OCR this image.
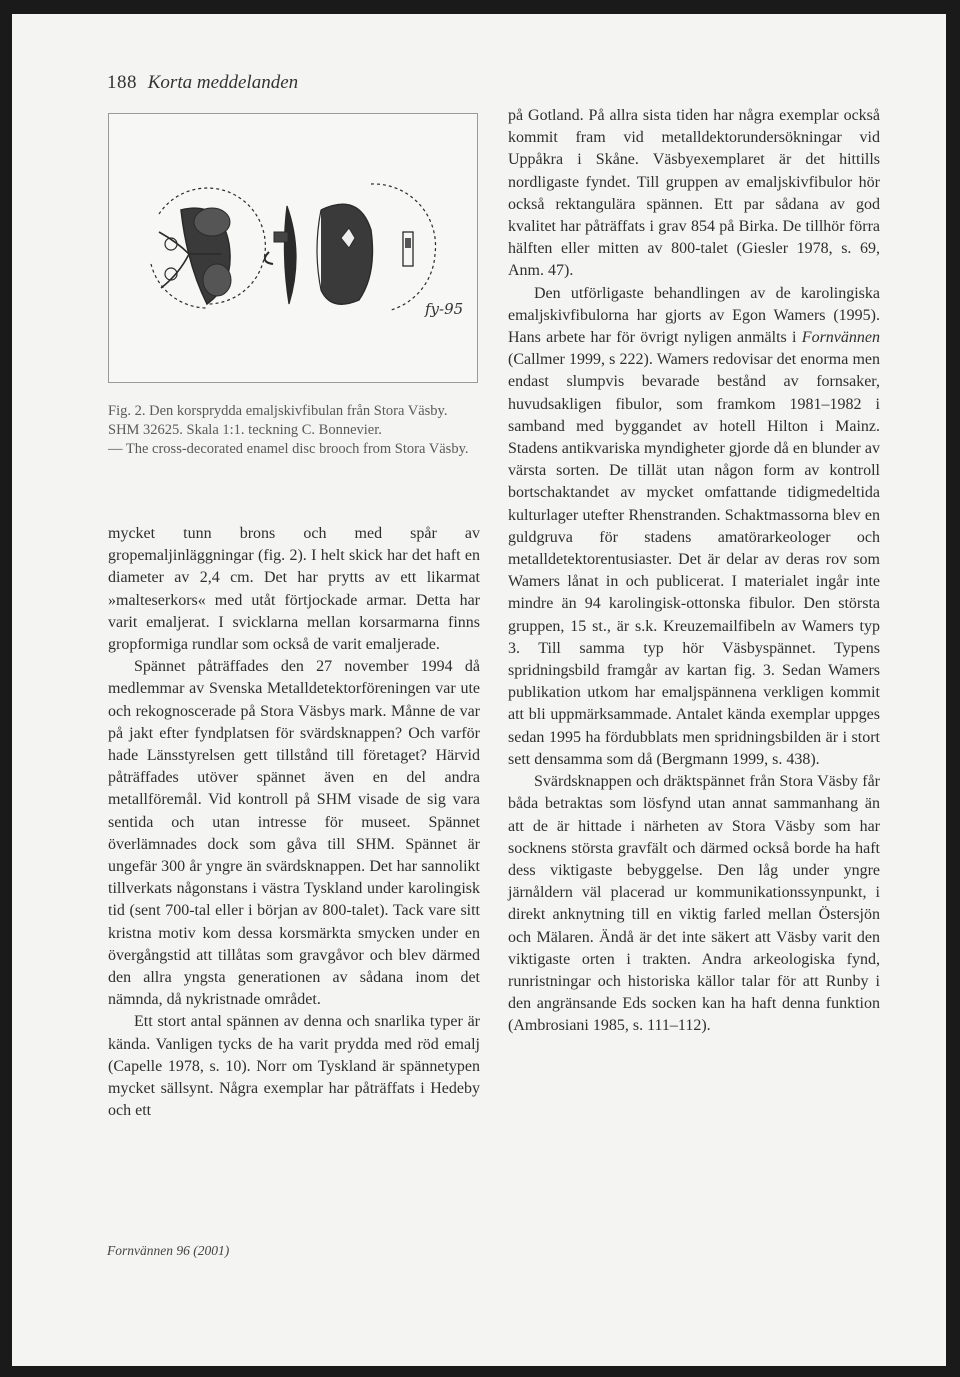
188 Korta meddelanden
fy-95

Fig. 2. Den korsprydda emaljskivfibulan från Stora Väsby. SHM 32625. Skala 1:1. teckning C. Bonnevier.

— The cross-decorated enamel disc brooch from Stora Väsby.

mycket tunn brons och med spår av gropemaljinläggningar (fig. 2). I helt skick har det haft en diameter av 2,4 cm. Det har prytts av ett likarmat »malteserkors« med utåt förtjockade armar. Detta har varit emaljerat. I svicklarna mellan korsarmarna finns gropformiga rundlar som också de varit emaljerade.

Spännet påträffades den 27 november 1994 då medlemmar av Svenska Metalldetektorföreningen var ute och rekognoscerade på Stora Väsbys mark. Månne de var på jakt efter fyndplatsen för svärdsknappen? Och varför hade Länsstyrelsen gett tillstånd till företaget? Härvid påträffades utöver spännet även en del andra metallföremål. Vid kontroll på SHM visade de sig vara sentida och utan intresse för museet. Spännet överlämnades dock som gåva till SHM. Spännet är ungefär 300 år yngre än svärdsknappen. Det har sannolikt tillverkats någonstans i västra Tyskland under karolingisk tid (sent 700-tal eller i början av 800-talet). Tack vare sitt kristna motiv kom dessa korsmärkta smycken under en övergångstid att tillåtas som gravgåvor och blev därmed den allra yngsta generationen av sådana inom det nämnda, då nykristnade området.

Ett stort antal spännen av denna och snarlika typer är kända. Vanligen tycks de ha varit prydda med röd emalj (Capelle 1978, s. 10). Norr om Tyskland är spännetypen mycket sällsynt. Några exemplar har påträffats i Hedeby och ett

på Gotland. På allra sista tiden har några exemplar också kommit fram vid metalldektorundersökningar vid Uppåkra i Skåne. Väsbyexemplaret är det hittills nordligaste fyndet. Till gruppen av emaljskivfibulor hör också rektangulära spännen. Ett par sådana av god kvalitet har påträffats i grav 854 på Birka. De tillhör förra hälften eller mitten av 800-talet (Giesler 1978, s. 69, Anm. 47).

Den utförligaste behandlingen av de karolingiska emaljskivfibulorna har gjorts av Egon Wamers (1995). Hans arbete har för övrigt nyligen anmälts i Fornvännen (Callmer 1999, s 222). Wamers redovisar det enorma men endast slumpvis bevarade bestånd av fornsaker, huvudsakligen fibulor, som framkom 1981–1982 i samband med byggandet av hotell Hilton i Mainz. Stadens antikvariska myndigheter gjorde då en blunder av värsta sorten. De tillät utan någon form av kontroll bortschaktandet av mycket omfattande tidigmedeltida kulturlager utefter Rhenstranden. Schaktmassorna blev en guldgruva för stadens amatörarkeologer och metalldetektorentusiaster. Det är delar av deras rov som Wamers lånat in och publicerat. I materialet ingår inte mindre än 94 karolingisk-ottonska fibulor. Den största gruppen, 15 st., är s.k. Kreuzemailfibeln av Wamers typ 3. Till samma typ hör Väsbyspännet. Typens spridningsbild framgår av kartan fig. 3. Sedan Wamers publikation utkom har emaljspännena verkligen kommit att bli uppmärksammade. Antalet kända exemplar uppges sedan 1995 ha fördubblats men spridningsbilden är i stort sett densamma som då (Bergmann 1999, s. 438).

Svärdsknappen och dräktspännet från Stora Väsby får båda betraktas som lösfynd utan annat sammanhang än att de är hittade i närheten av Stora Väsby som har socknens största gravfält och därmed också borde ha haft dess viktigaste bebyggelse. Den låg under yngre järnåldern väl placerad ur kommunikationssynpunkt, i direkt anknytning till en viktig farled mellan Östersjön och Mälaren. Ändå är det inte säkert att Väsby varit den viktigaste orten i trakten. Andra arkeologiska fynd, runristningar och historiska källor talar för att Runby i den angränsande Eds socken kan ha haft denna funktion (Ambrosiani 1985, s. 111–112).

Fornvännen 96 (2001)
